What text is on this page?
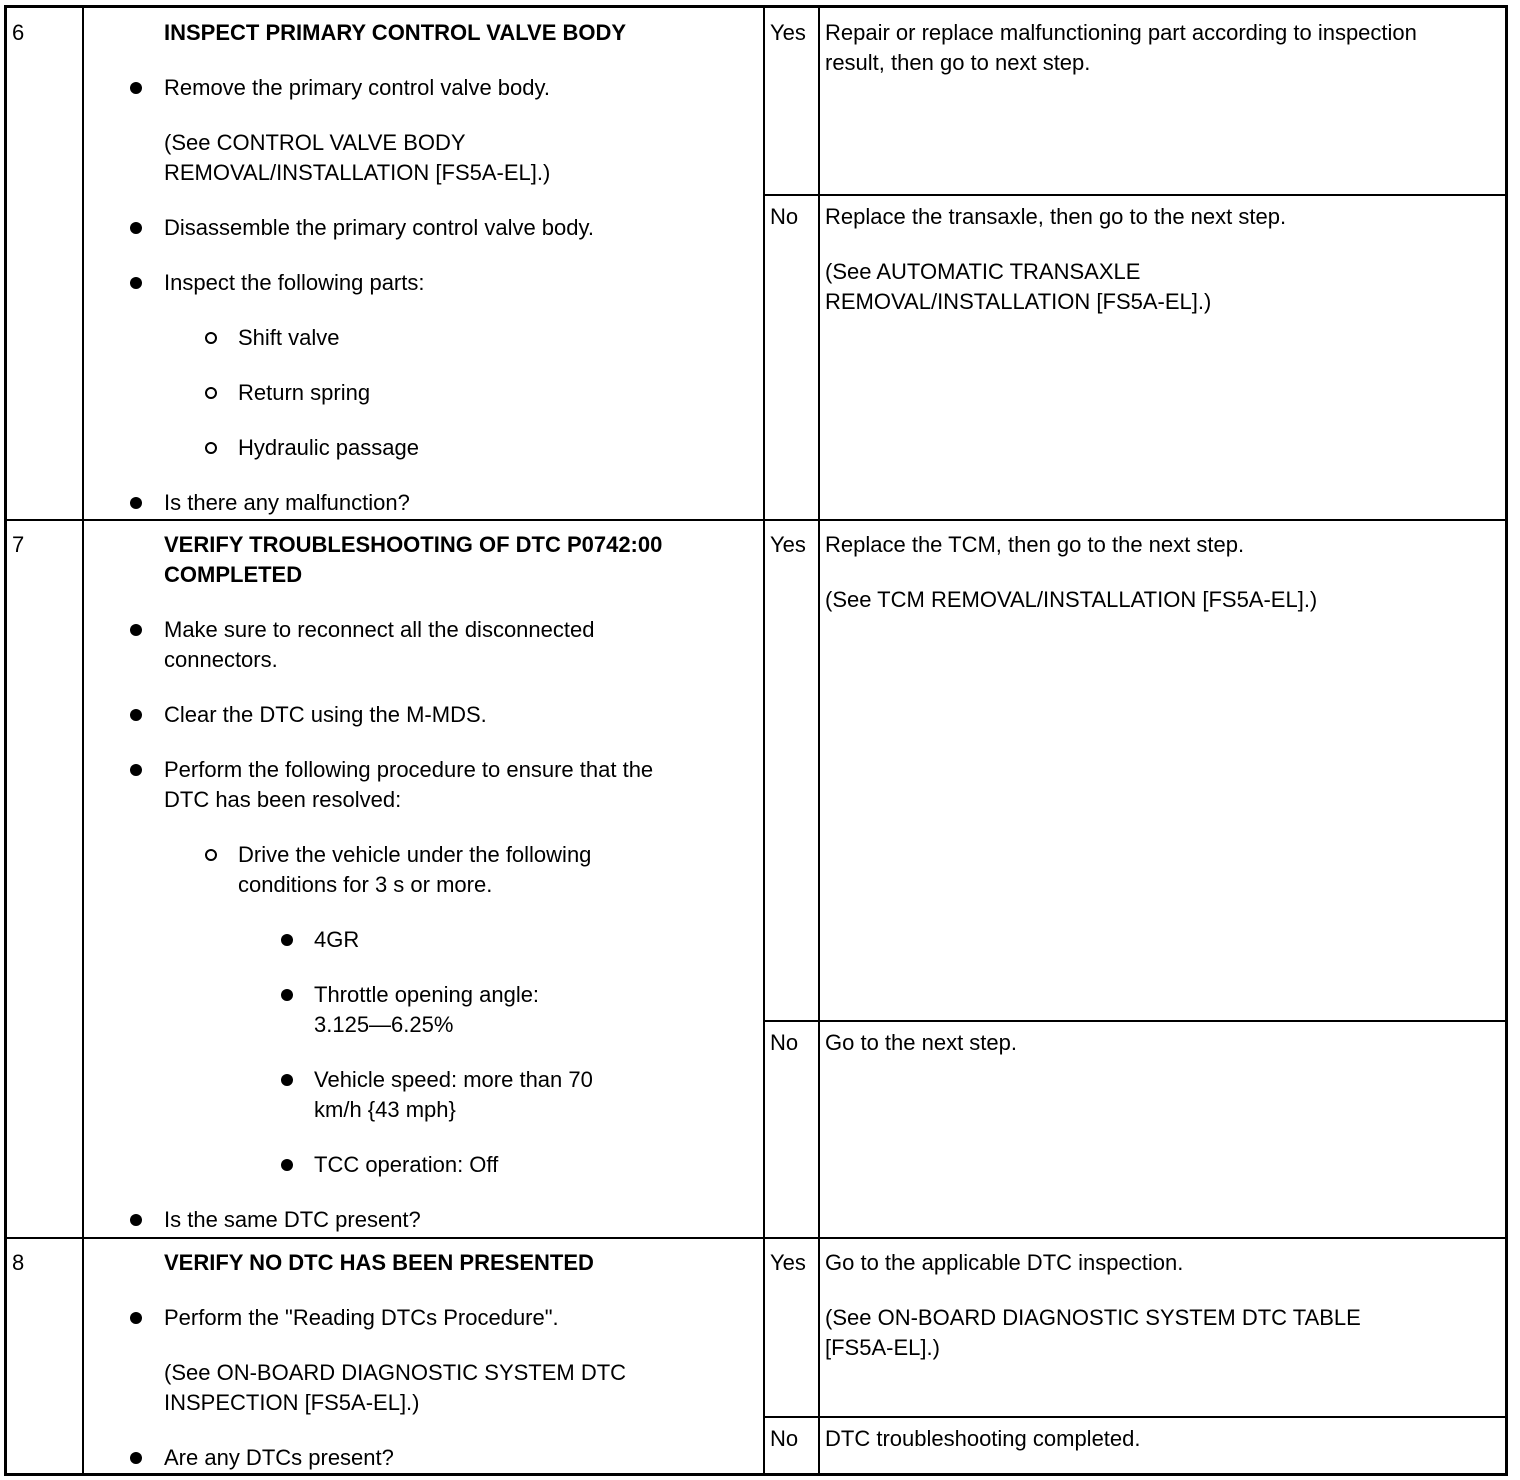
6	INSPECT PRIMARY CONTROL VALVE BODY
Remove the primary control valve body.
(See CONTROL VALVE BODY
REMOVAL/INSTALLATION [FS5A-EL].)
Disassemble the primary control valve body.
Inspect the following parts:
Shift valve
Return spring
Hydraulic passage
Is there any malfunction?
Yes Repair or replace malfunctioning part according to inspection
result, then go to next step.
No Replace the transaxle, then go to the next step.
(See AUTOMATIC TRANSAXLE
REMOVAL/INSTALLATION [FS5A-EL].)
7	VERIFY TROUBLESHOOTING OF DTC P0742:00
COMPLETED
Make sure to reconnect all the disconnected
connectors.
Clear the DTC using the M-MDS.
Perform the following procedure to ensure that the
DTC has been resolved:
Drive the vehicle under the following
conditions for 3 s or more.
4GR
Throttle opening angle:
3.125—6.25%
Vehicle speed: more than 70
km/h {43 mph}
TCC operation: Off
Is the same DTC present?
Yes Replace the TCM, then go to the next step.
(See TCM REMOVAL/INSTALLATION [FS5A-EL].)
No Go to the next step.
8	VERIFY NO DTC HAS BEEN PRESENTED
Perform the "Reading DTCs Procedure".
(See ON-BOARD DIAGNOSTIC SYSTEM DTC
INSPECTION [FS5A-EL].)
Are any DTCs present?
Yes Go to the applicable DTC inspection.
(See ON-BOARD DIAGNOSTIC SYSTEM DTC TABLE
[FS5A-EL].)
No DTC troubleshooting completed.
